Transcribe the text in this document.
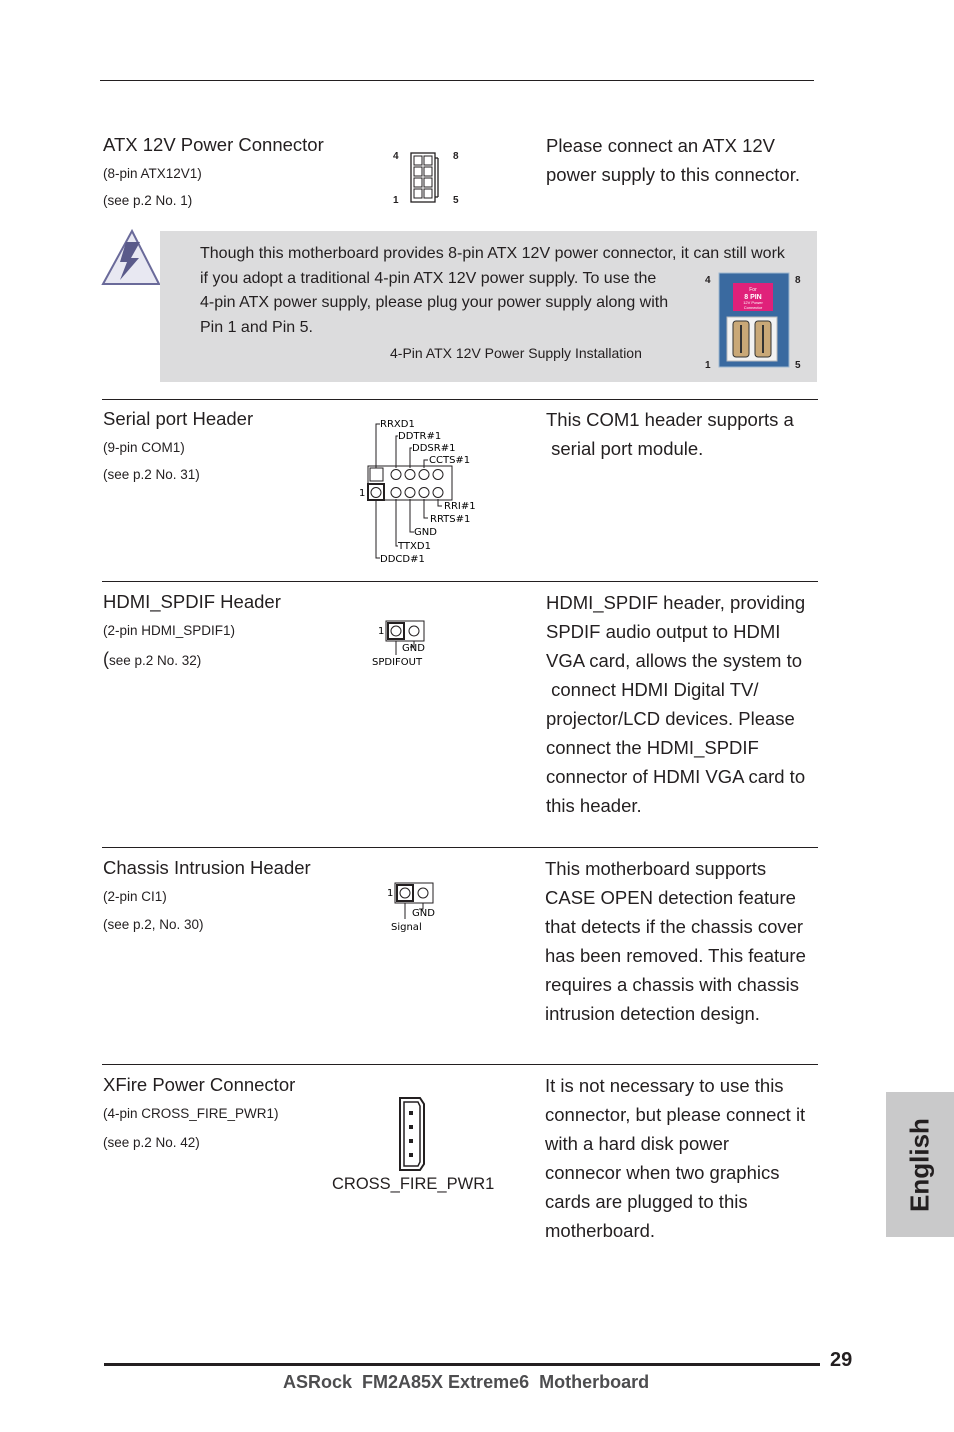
ATX 12V Power Connector
(8-pin ATX12V1)
(see p.2 No. 1)
Please connect an ATX 12V
power supply to this connector.
4	8
1	5
Though this motherboard provides 8-pin ATX 12V power connector, it can still work
if you adopt a traditional 4-pin ATX 12V power supply. To use the
4-pin ATX power supply, please plug your power supply along with
Pin 1 and Pin 5.
4-Pin ATX 12V Power Supply Installation
For
8 PIN
12V Power
Connector
4	8
1	5
Serial port Header
(9-pin COM1)
(see p.2 No. 31)
This COM1 header supports a
serial port module.
RRXD1
DDTR#1
DDSR#1
CCTS#1
RRI#1
RRTS#1
GND
TTXD1
DDCD#1
1
HDMI_SPDIF Header
(2-pin HDMI_SPDIF1)
(see p.2 No. 32)
HDMI_SPDIF header, providing
SPDIF audio output to HDMI
VGA card, allows the system to
connect HDMI Digital TV/
projector/LCD devices. Please
connect the HDMI_SPDIF
connector of HDMI VGA card to
this header.
1
GND
SPDIFOUT
Chassis Intrusion Header
(2-pin CI1)
(see p.2, No. 30)
This motherboard supports
CASE OPEN detection feature
that detects if the chassis cover
has been removed. This feature
requires a chassis with chassis
intrusion detection design.
1
GND
Signal
XFire Power Connector
(4-pin CROSS_FIRE_PWR1)
(see p.2 No. 42)
It is not necessary to use this
connector, but please connect it
with a hard disk power
connecor when two graphics
cards are plugged to this
motherboard.
CROSS_FIRE_PWR1	English
29
ASRock  FM2A85X Extreme6  Motherboard
